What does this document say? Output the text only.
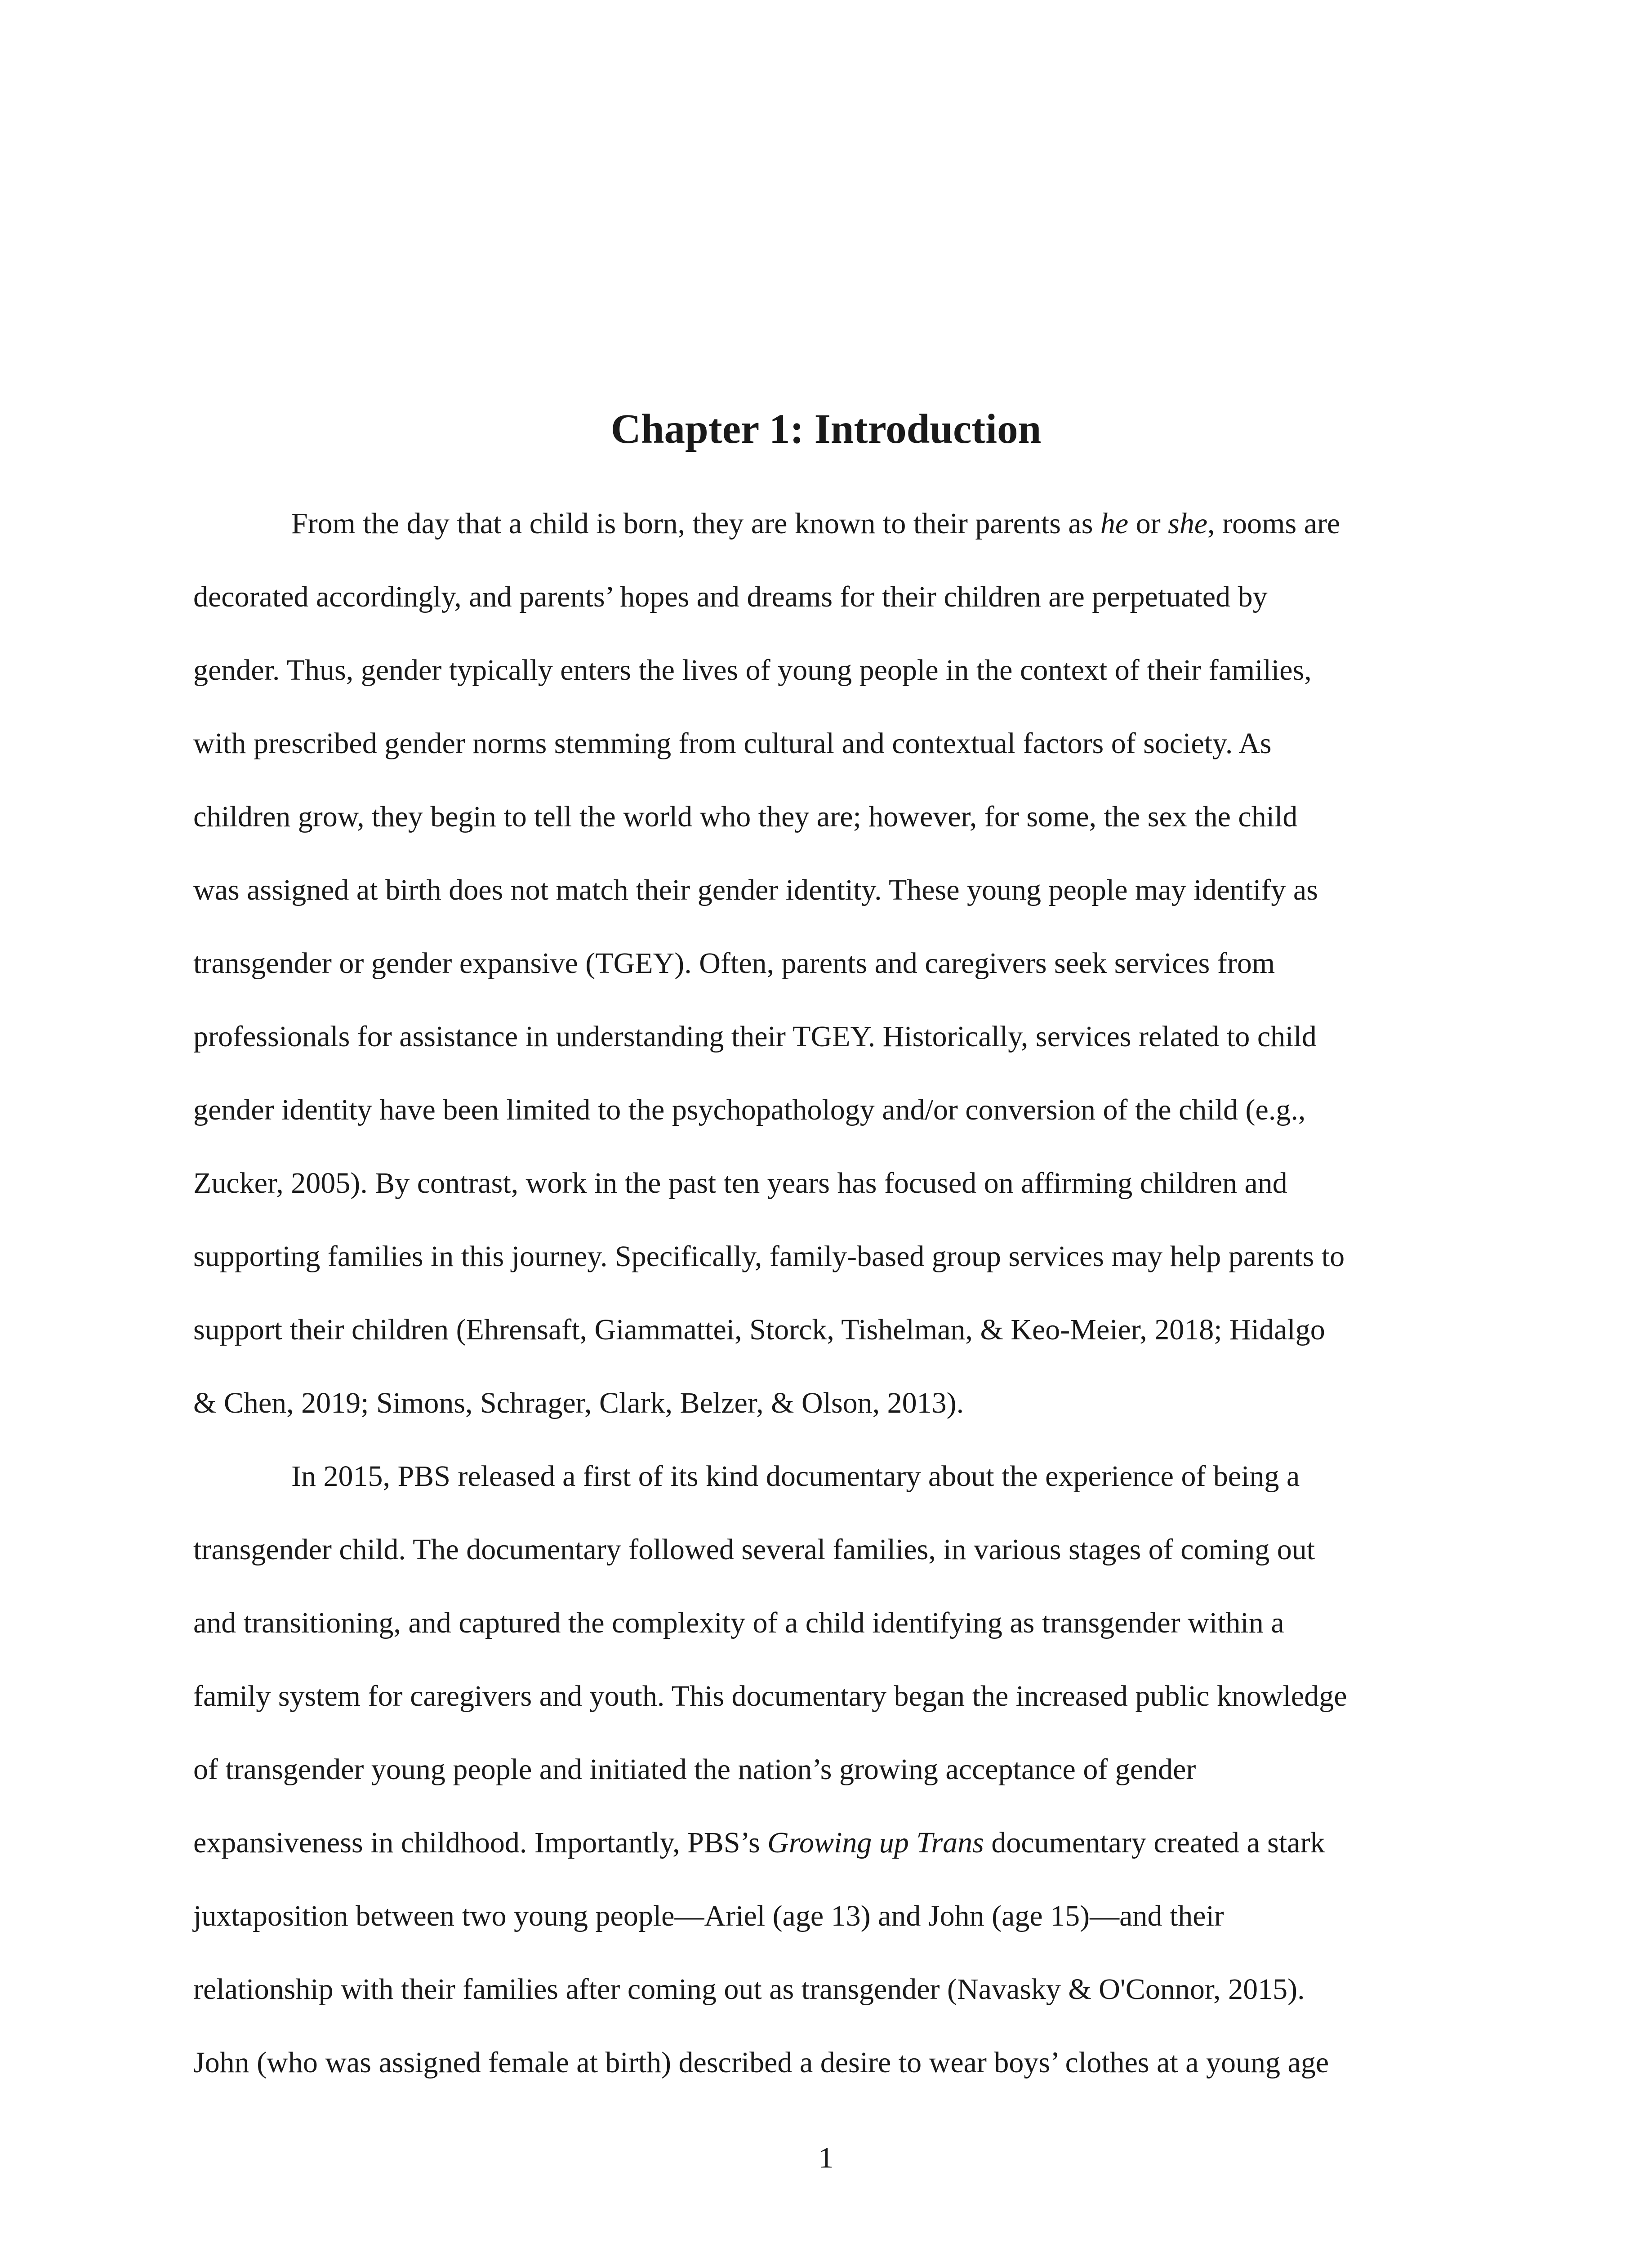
Chapter 1: Introduction
From the day that a child is born, they are known to their parents as he or she, rooms are
decorated accordingly, and parents’ hopes and dreams for their children are perpetuated by
gender. Thus, gender typically enters the lives of young people in the context of their families,
with prescribed gender norms stemming from cultural and contextual factors of society. As
children grow, they begin to tell the world who they are; however, for some, the sex the child
was assigned at birth does not match their gender identity. These young people may identify as
transgender or gender expansive (TGEY). Often, parents and caregivers seek services from
professionals for assistance in understanding their TGEY. Historically, services related to child
gender identity have been limited to the psychopathology and/or conversion of the child (e.g.,
Zucker, 2005). By contrast, work in the past ten years has focused on affirming children and
supporting families in this journey. Specifically, family-based group services may help parents to
support their children (Ehrensaft, Giammattei, Storck, Tishelman, & Keo-Meier, 2018; Hidalgo
& Chen, 2019; Simons, Schrager, Clark, Belzer, & Olson, 2013).
In 2015, PBS released a first of its kind documentary about the experience of being a
transgender child. The documentary followed several families, in various stages of coming out
and transitioning, and captured the complexity of a child identifying as transgender within a
family system for caregivers and youth. This documentary began the increased public knowledge
of transgender young people and initiated the nation’s growing acceptance of gender
expansiveness in childhood. Importantly, PBS’s Growing up Trans documentary created a stark
juxtaposition between two young people—Ariel (age 13) and John (age 15)—and their
relationship with their families after coming out as transgender (Navasky & O'Connor, 2015).
John (who was assigned female at birth) described a desire to wear boys’ clothes at a young age
1
